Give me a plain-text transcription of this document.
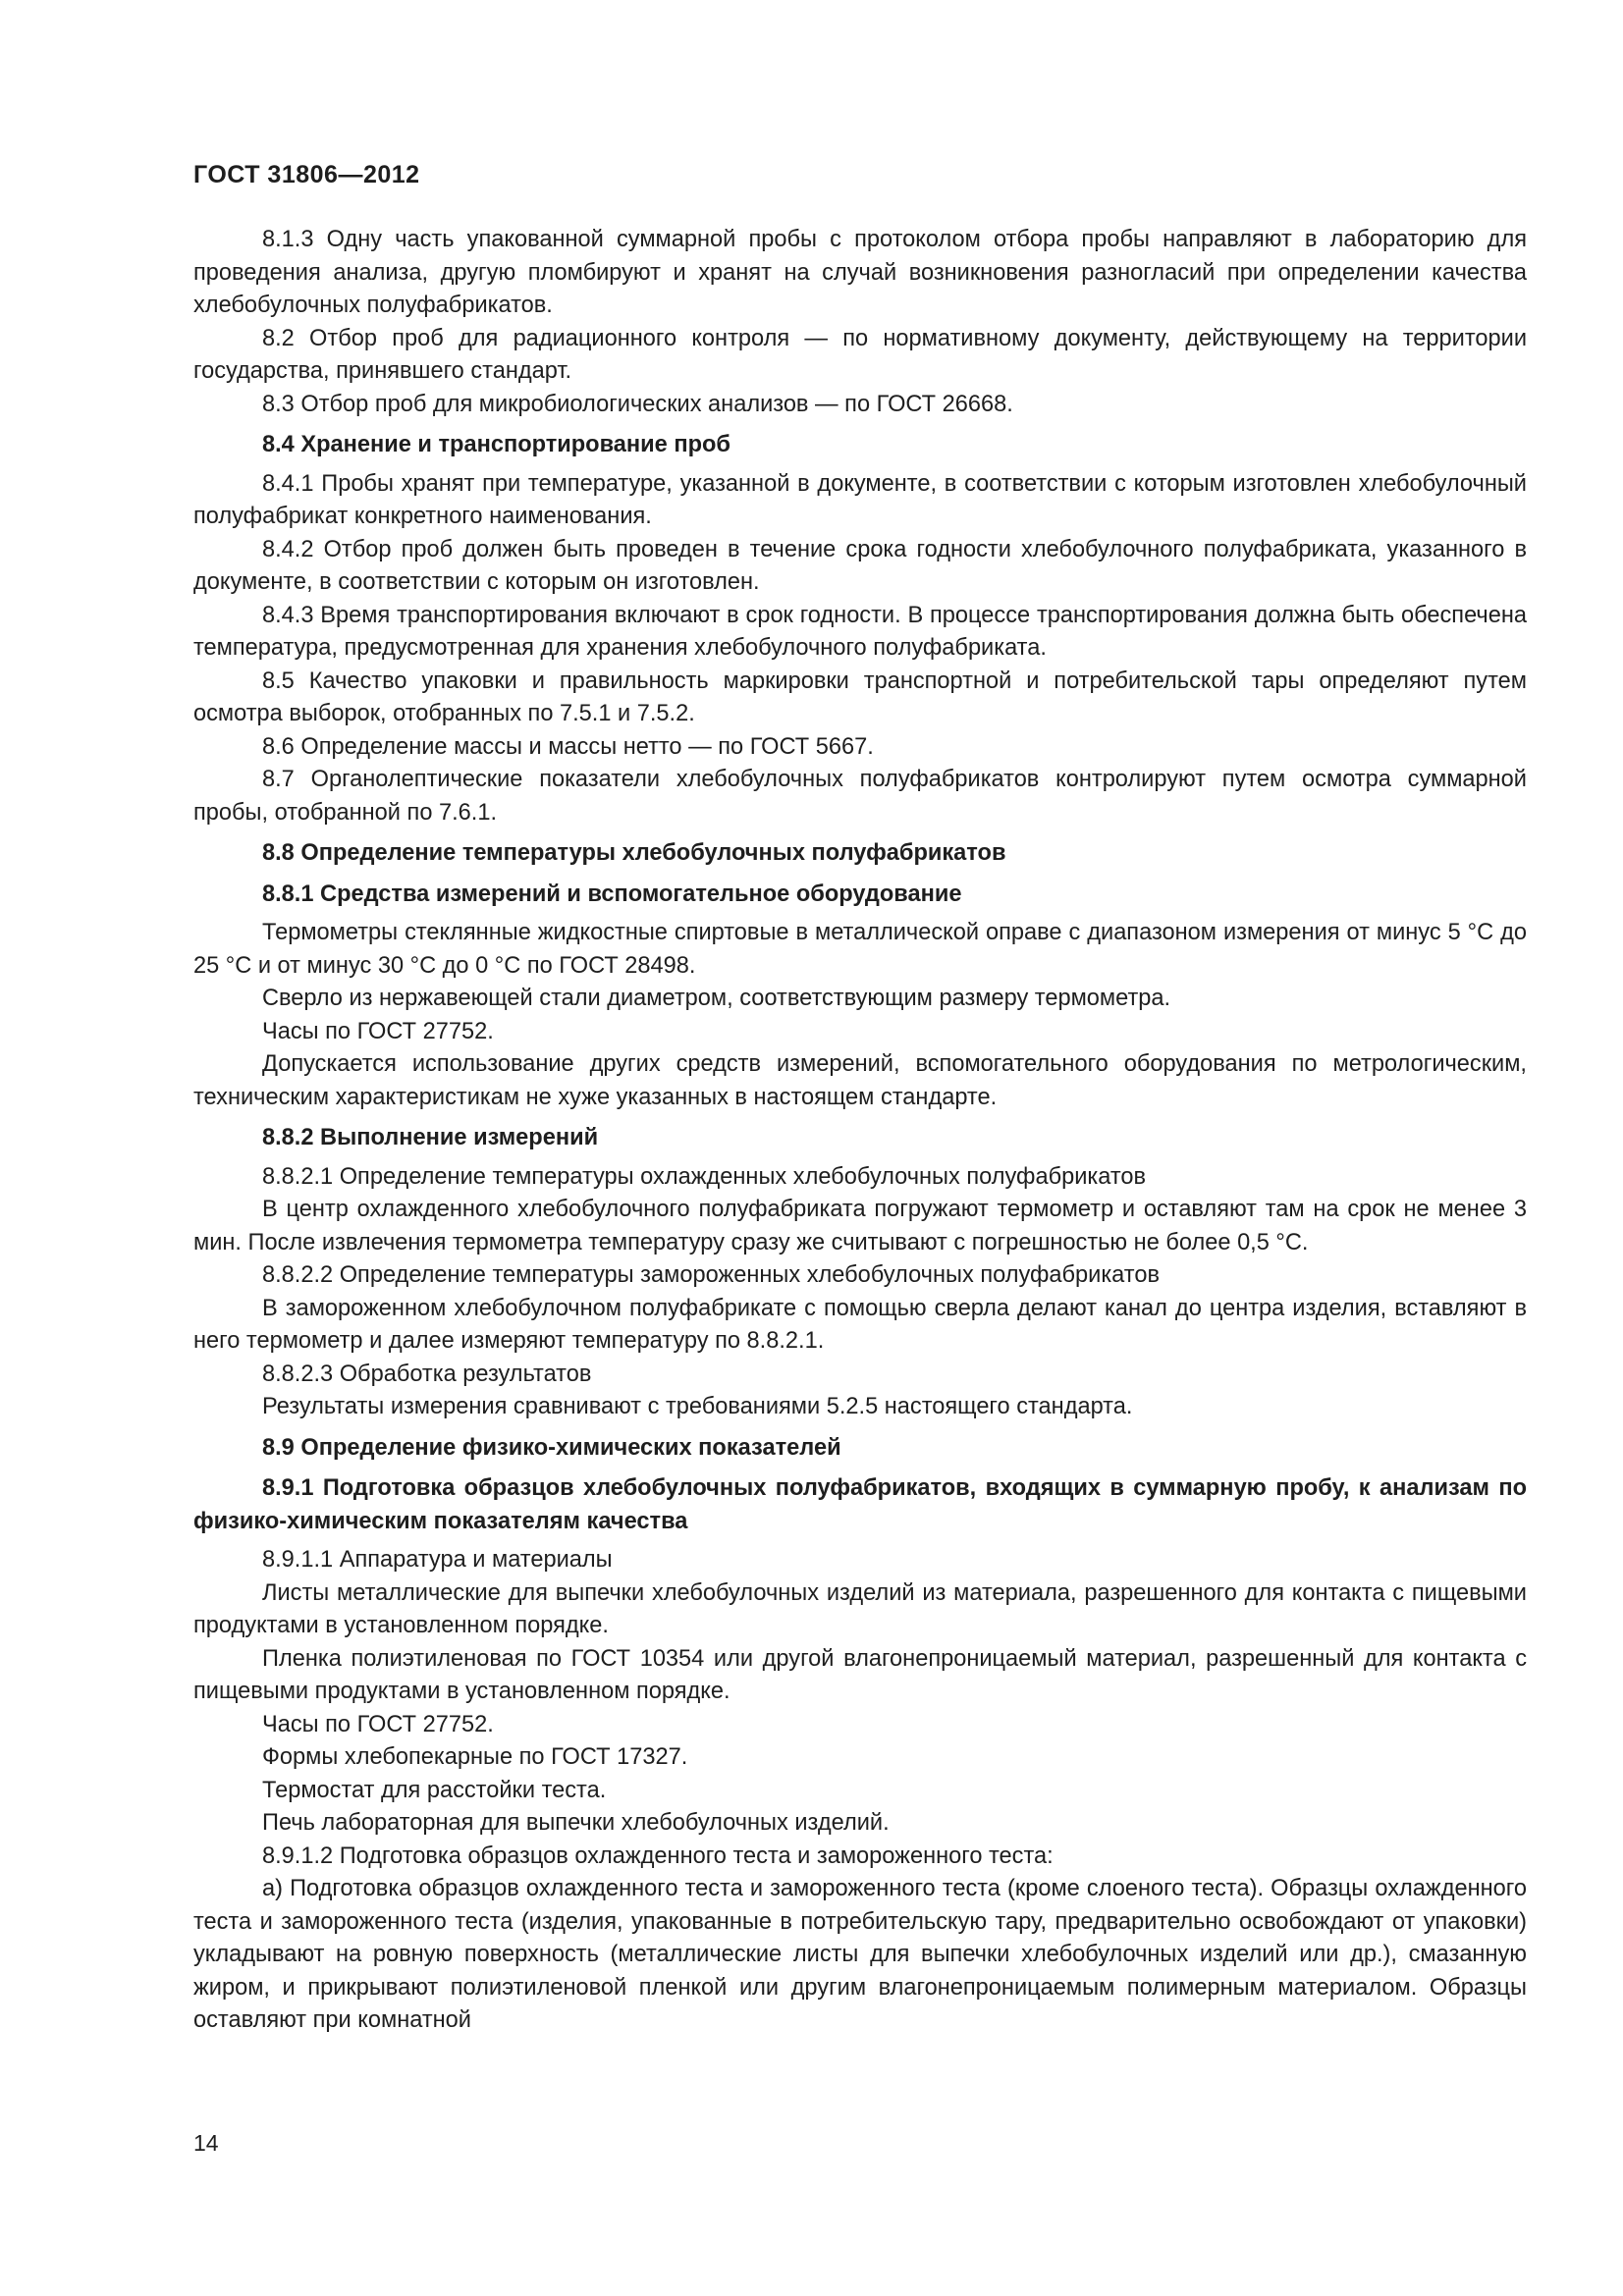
ГОСТ 31806—2012

8.1.3 Одну часть упакованной суммарной пробы с протоколом отбора пробы направляют в лабораторию для проведения анализа, другую пломбируют и хранят на случай возникновения разногласий при определении качества хлебобулочных полуфабрикатов.

8.2 Отбор проб для радиационного контроля — по нормативному документу, действующему на территории государства, принявшего стандарт.

8.3 Отбор проб для микробиологических анализов — по ГОСТ 26668.

8.4 Хранение и транспортирование проб

8.4.1 Пробы хранят при температуре, указанной в документе, в соответствии с которым изготовлен хлебобулочный полуфабрикат конкретного наименования.

8.4.2 Отбор проб должен быть проведен в течение срока годности хлебобулочного полуфабриката, указанного в документе, в соответствии с которым он изготовлен.

8.4.3 Время транспортирования включают в срок годности. В процессе транспортирования должна быть обеспечена температура, предусмотренная для хранения хлебобулочного полуфабриката.

8.5 Качество упаковки и правильность маркировки транспортной и потребительской тары определяют путем осмотра выборок, отобранных по 7.5.1 и 7.5.2.

8.6 Определение массы и массы нетто — по ГОСТ 5667.

8.7 Органолептические показатели хлебобулочных полуфабрикатов контролируют путем осмотра суммарной пробы, отобранной по 7.6.1.

8.8 Определение температуры хлебобулочных полуфабрикатов

8.8.1 Средства измерений и вспомогательное оборудование

Термометры стеклянные жидкостные спиртовые в металлической оправе с диапазоном измерения от минус 5 °С до 25 °С и от минус 30 °С до 0 °С по ГОСТ 28498.

Сверло из нержавеющей стали диаметром, соответствующим размеру термометра.

Часы по ГОСТ 27752.

Допускается использование других средств измерений, вспомогательного оборудования по метрологическим, техническим характеристикам не хуже указанных в настоящем стандарте.

8.8.2 Выполнение измерений

8.8.2.1 Определение температуры охлажденных хлебобулочных полуфабрикатов

В центр охлажденного хлебобулочного полуфабриката погружают термометр и оставляют там на срок не менее 3 мин. После извлечения термометра температуру сразу же считывают с погрешностью не более 0,5 °С.

8.8.2.2 Определение температуры замороженных хлебобулочных полуфабрикатов

В замороженном хлебобулочном полуфабрикате с помощью сверла делают канал до центра изделия, вставляют в него термометр и далее измеряют температуру по 8.8.2.1.

8.8.2.3 Обработка результатов

Результаты измерения сравнивают с требованиями 5.2.5 настоящего стандарта.

8.9 Определение физико-химических показателей

8.9.1 Подготовка образцов хлебобулочных полуфабрикатов, входящих в суммарную пробу, к анализам по физико-химическим показателям качества

8.9.1.1 Аппаратура и материалы

Листы металлические для выпечки хлебобулочных изделий из материала, разрешенного для контакта с пищевыми продуктами в установленном порядке.

Пленка полиэтиленовая по ГОСТ 10354 или другой влагонепроницаемый материал, разрешенный для контакта с пищевыми продуктами в установленном порядке.

Часы по ГОСТ 27752.

Формы хлебопекарные по ГОСТ 17327.

Термостат для расстойки теста.

Печь лабораторная для выпечки хлебобулочных изделий.

8.9.1.2 Подготовка образцов охлажденного теста и замороженного теста:

а) Подготовка образцов охлажденного теста и замороженного теста (кроме слоеного теста). Образцы охлажденного теста и замороженного теста (изделия, упакованные в потребительскую тару, предварительно освобождают от упаковки) укладывают на ровную поверхность (металлические листы для выпечки хлебобулочных изделий или др.), смазанную жиром, и прикрывают полиэтиленовой пленкой или другим влагонепроницаемым полимерным материалом. Образцы оставляют при комнатной

14
